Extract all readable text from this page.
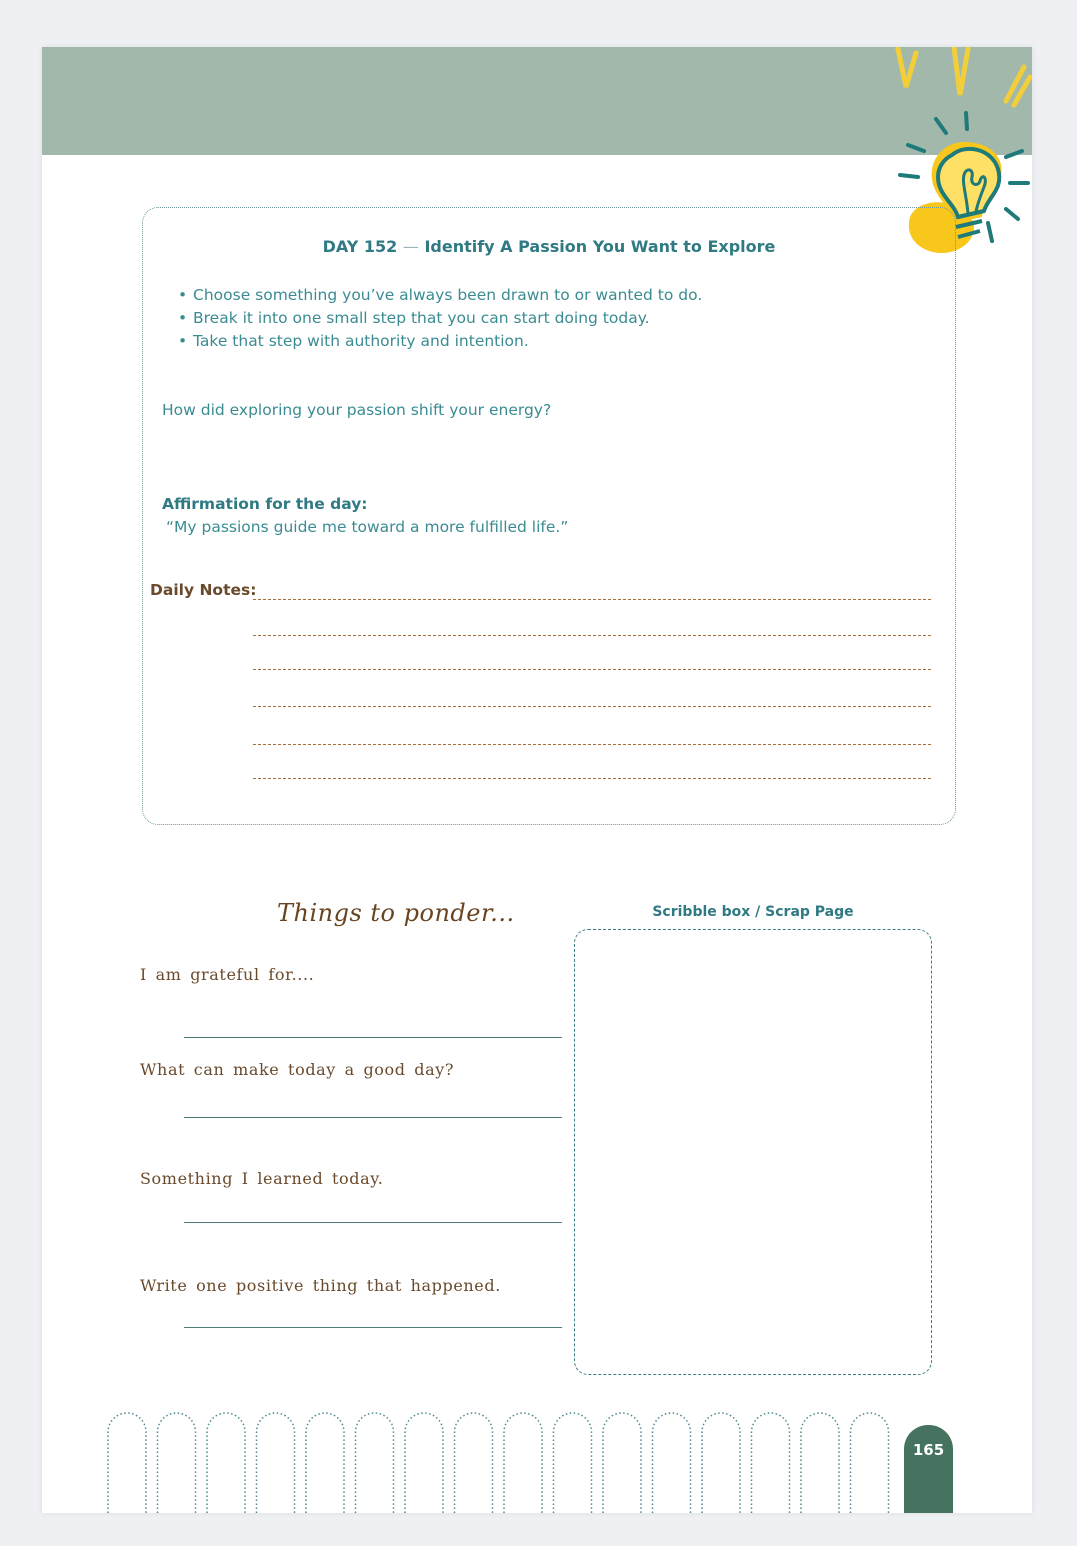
DAY 152 — Identify A Passion You Want to Explore
• Choose something you’ve always been drawn to or wanted to do.
• Break it into one small step that you can start doing today.
• Take that step with authority and intention.
How did exploring your passion shift your energy?
Affirmation for the day:
“My passions guide me toward a more fulfilled life.”
Daily Notes:
Things to ponder...
I am grateful for....
What can make today a good day?
Something I learned today.
Write one positive thing that happened.
Scribble box / Scrap Page
165
